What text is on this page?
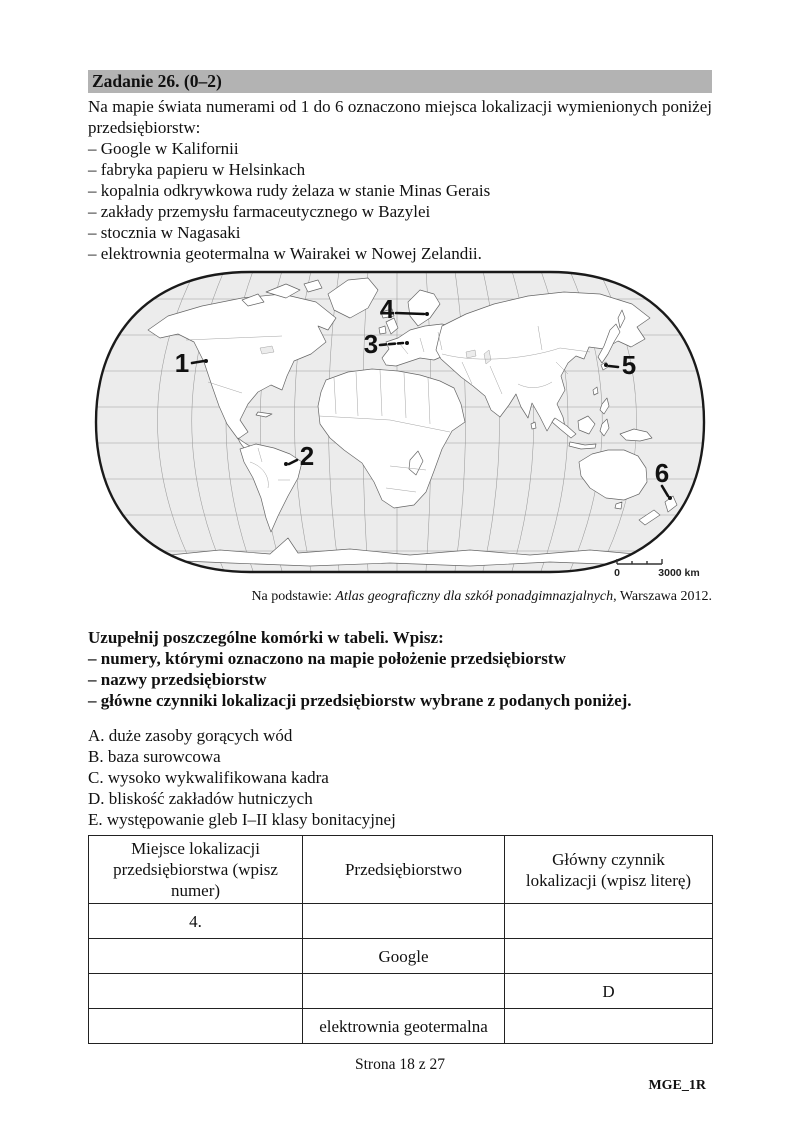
Zadanie 26. (0–2)
Na mapie świata numerami od 1 do 6 oznaczono miejsca lokalizacji wymienionych poniżej przedsiębiorstw:
– Google w Kalifornii
– fabryka papieru w Helsinkach
– kopalnia odkrywkowa rudy żelaza w stanie Minas Gerais
– zakłady przemysłu farmaceutycznego w Bazylei
– stocznia w Nagasaki
– elektrownia geotermalna w Wairakei w Nowej Zelandii.
1
2
3
4
5
6
0	3000 km
Na podstawie: Atlas geograficzny dla szkół ponadgimnazjalnych, Warszawa 2012.
Uzupełnij poszczególne komórki w tabeli. Wpisz:
– numery, którymi oznaczono na mapie położenie przedsiębiorstw
– nazwy przedsiębiorstw
– główne czynniki lokalizacji przedsiębiorstw wybrane z podanych poniżej.
A. duże zasoby gorących wód
B. baza surowcowa
C. wysoko wykwalifikowana kadra
D. bliskość zakładów hutniczych
E. występowanie gleb I–II klasy bonitacyjnej
Miejsce lokalizacji przedsiębiorstwa (wpisz numer)	Przedsiębiorstwo	Główny czynnik lokalizacji (wpisz literę)
4.		
	Google	
		D
	elektrownia geotermalna	
Strona 18 z 27
MGE_1R
